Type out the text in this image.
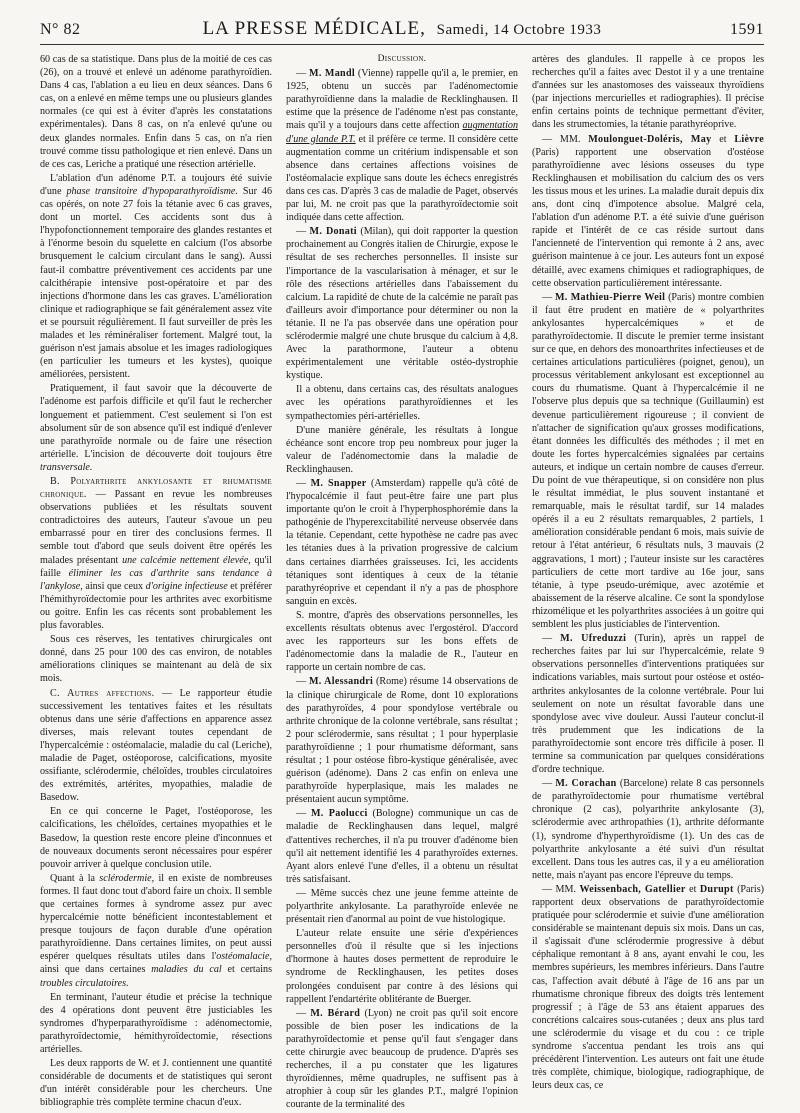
N° 82	LA PRESSE MÉDICALE, Samedi, 14 Octobre 1933	1591

60 cas de sa statistique. Dans plus de la moitié de ces cas (26), on a trouvé et enlevé un adénome parathyroïdien. Dans 4 cas, l'ablation a eu lieu en deux séances. Dans 6 cas, on a enlevé en même temps une ou plusieurs glandes normales (ce qui est à éviter d'après les constatations expérimentales). Dans 8 cas, on n'a enlevé qu'une ou deux glandes normales. Enfin dans 5 cas, on n'a rien trouvé comme tissu pathologique et rien enlevé. Dans un de ces cas, Leriche a pratiqué une résection artérielle.

L'ablation d'un adénome P.T. a toujours été suivie d'une phase transitoire d'hypoparathyroïdisme. Sur 46 cas opérés, on note 27 fois la tétanie avec 6 cas graves, dont un mortel. Ces accidents sont dus à l'hypofonctionnement temporaire des glandes restantes et à l'énorme besoin du squelette en calcium (l'os absorbe brusquement le calcium circulant dans le sang). Aussi faut-il combattre préventivement ces accidents par une calcithérapie intensive post-opératoire et par des injections d'hormone dans les cas graves. L'amélioration clinique et radiographique se fait généralement assez vite et se poursuit régulièrement. Il faut surveiller de près les malades et les réminéraliser fortement. Malgré tout, la guérison n'est jamais absolue et les images radiologiques (en particulier les tumeurs et les kystes), quoique améliorées, persistent.

Pratiquement, il faut savoir que la découverte de l'adénome est parfois difficile et qu'il faut le rechercher longuement et patiemment. C'est seulement si l'on est absolument sûr de son absence qu'il est indiqué d'enlever une parathyroïde normale ou de faire une résection artérielle. L'incision de découverte doit toujours être transversale.

B. Polyarthrite ankylosante et rhumatisme chronique. — Passant en revue les nombreuses observations publiées et les résultats souvent contradictoires des auteurs, l'auteur s'avoue un peu embarrassé pour en tirer des conclusions fermes. Il semble tout d'abord que seuls doivent être opérés les malades présentant une calcémie nettement élevée, qu'il faille éliminer les cas d'arthrite sans tendance à l'ankylose, ainsi que ceux d'origine infectieuse et préférer l'hémithyroïdectomie pour les arthrites avec exorbitisme ou goitre. Enfin les cas récents sont probablement les plus favorables.

Sous ces réserves, les tentatives chirurgicales ont donné, dans 25 pour 100 des cas environ, de notables améliorations cliniques se maintenant au delà de six mois.

C. Autres affections. — Le rapporteur étudie successivement les tentatives faites et les résultats obtenus dans une série d'affections en apparence assez diverses, mais relevant toutes cependant de l'hypercalcémie : ostéomalacie, maladie du cal (Leriche), maladie de Paget, ostéoporose, calcifications, myosite ossifiante, sclérodermie, chéloïdes, troubles circulatoires des extrémités, artérites, myopathies, maladie de Basedow.

En ce qui concerne le Paget, l'ostéoporose, les calcifications, les chéloïdes, certaines myopathies et le Basedow, la question reste encore pleine d'inconnues et de nouveaux documents seront nécessaires pour espérer pouvoir arriver à quelque conclusion utile.

Quant à la sclérodermie, il en existe de nombreuses formes. Il faut donc tout d'abord faire un choix. Il semble que certaines formes à syndrome assez pur avec hypercalcémie notte bénéficient incontestablement et presque toujours de façon durable d'une opération parathyroïdienne. Dans certaines limites, on peut aussi espérer quelques résultats utiles dans l'ostéomalacie, ainsi que dans certaines maladies du cal et certains troubles circulatoires.

En terminant, l'auteur étudie et précise la technique des 4 opérations dont peuvent être justiciables les syndromes d'hyperparathyroïdisme : adénomectomie, parathyroïdectomie, hémithyroïdectomie, résections artérielles.

Les deux rapports de W. et J. contiennent une quantité considérable de documents et de statistiques qui seront d'un intérêt considérable pour les chercheurs. Une bibliographie très complète termine chacun d'eux.

Discussion.

— M. Mandl (Vienne) rappelle qu'il a, le premier, en 1925, obtenu un succès par l'adénomectomie parathyroïdienne dans la maladie de Recklinghausen. Il estime que la présence de l'adénome n'est pas constante, mais qu'il y a toujours dans cette affection augmentation d'une glande P.T. et il préfère ce terme. Il considère cette augmentation comme un critérium indispensable et son absence dans certaines affections voisines de l'ostéomalacie explique sans doute les échecs enregistrés dans ces cas. D'après 3 cas de maladie de Paget, observés par lui, M. ne croit pas que la parathyroïdectomie soit indiquée dans cette affection.

— M. Donati (Milan), qui doit rapporter la question prochainement au Congrès italien de Chirurgie, expose le résultat de ses recherches personnelles. Il insiste sur l'importance de la vascularisation à ménager, et sur le rôle des résections artérielles dans l'abaissement du calcium. La rapidité de chute de la calcémie ne paraît pas d'ailleurs avoir d'importance pour déterminer ou non la tétanie. Il ne l'a pas observée dans une opération pour sclérodermie malgré une chute brusque du calcium à 4,8. Avec la parathormone, l'auteur a obtenu expérimentalement une véritable ostéo-dystrophie kystique.

Il a obtenu, dans certains cas, des résultats analogues avec les opérations parathyroïdiennes et les sympathectomies péri-artérielles.

D'une manière générale, les résultats à longue échéance sont encore trop peu nombreux pour juger la valeur de l'adénomectomie dans la maladie de Recklinghausen.

— M. Snapper (Amsterdam) rappelle qu'à côté de l'hypocalcémie il faut peut-être faire une part plus importante qu'on le croit à l'hyperphosphorémie dans la pathogénie de l'hyperexcitabilité nerveuse observée dans la tétanie. Cependant, cette hypothèse ne cadre pas avec les tétanies dues à la privation progressive de calcium dans certaines diarrhées graisseuses. Ici, les accidents tétaniques sont identiques à ceux de la tétanie parathyréoprive et cependant il n'y a pas de phosphore sanguin en excès.

S. montre, d'après des observations personnelles, les excellents résultats obtenus avec l'ergostérol. D'accord avec les rapporteurs sur les bons effets de l'adénomectomie dans la maladie de R., l'auteur en rapporte un certain nombre de cas.

— M. Alessandri (Rome) résume 14 observations de la clinique chirurgicale de Rome, dont 10 explorations des parathyroïdes, 4 pour spondylose vertébrale ou arthrite chronique de la colonne vertébrale, sans résultat ; 2 pour sclérodermie, sans résultat ; 1 pour hyperplasie parathyroïdienne ; 1 pour rhumatisme déformant, sans résultat ; 1 pour ostéose fibro-kystique généralisée, avec guérison (adénome). Dans 2 cas enfin on enleva une parathyroïde hyperplasique, mais les malades ne présentaient aucun symptôme.

— M. Paolucci (Bologne) communique un cas de maladie de Recklinghausen dans lequel, malgré d'attentives recherches, il n'a pu trouver d'adénome bien qu'il ait nettement identifié les 4 parathyroïdes externes. Ayant alors enlevé l'une d'elles, il a obtenu un résultat très satisfaisant.

— Même succès chez une jeune femme atteinte de polyarthrite ankylosante. La parathyroïde enlevée ne présentait rien d'anormal au point de vue histologique.

L'auteur relate ensuite une série d'expériences personnelles d'où il résulte que si les injections d'hormone à hautes doses permettent de reproduire le syndrome de Recklinghausen, les petites doses prolongées conduisent par contre à des lésions qui rappellent l'endartérite oblitérante de Buerger.

— M. Bérard (Lyon) ne croit pas qu'il soit encore possible de bien poser les indications de la parathyroïdectomie et pense qu'il faut s'engager dans cette chirurgie avec beaucoup de prudence. D'après ses recherches, il a pu constater que les ligatures thyroïdiennes, même quadruples, ne suffisent pas à atrophier à coup sûr les glandes P.T., malgré l'opinion courante de la terminalité des

artères des glandules. Il rappelle à ce propos les recherches qu'il a faites avec Destot il y a une trentaine d'années sur les anastomoses des vaisseaux thyroïdiens (par injections mercurielles et radiographies). Il précise enfin certains points de technique permettant d'éviter, dans les strumectomies, la tétanie parathyréoprive.

— MM. Moulonguet-Doléris, May et Lièvre (Paris) rapportent une observation d'ostéose parathyroïdienne avec lésions osseuses du type Recklinghausen et mobilisation du calcium des os vers les tissus mous et les urines. La maladie durait depuis dix ans, dont cinq d'impotence absolue. Malgré cela, l'ablation d'un adénome P.T. a été suivie d'une guérison rapide et l'intérêt de ce cas réside surtout dans l'ancienneté de l'intervention qui remonte à 2 ans, avec guérison maintenue à ce jour. Les auteurs font un exposé détaillé, avec examens chimiques et radiographiques, de cette observation particulièrement intéressante.

— M. Mathieu-Pierre Weil (Paris) montre combien il faut être prudent en matière de « polyarthrites ankylosantes hypercalcémiques » et de parathyroïdectomie. Il discute le premier terme insistant sur ce que, en dehors des monoarthrites infectieuses et de certaines articulations particulières (poignet, genou), un processus véritablement ankylosant est exceptionnel au cours du rhumatisme. Quant à l'hypercalcémie il ne l'observe plus depuis que sa technique (Guillaumin) est devenue particulièrement rigoureuse ; il convient de n'attacher de signification qu'aux grosses modifications, étant données les difficultés des méthodes ; il met en doute les fortes hypercalcémies signalées par certains auteurs, et indique un certain nombre de causes d'erreur. Du point de vue thérapeutique, si on considère non plus le résultat immédiat, le plus souvent instantané et remarquable, mais le résultat tardif, sur 14 malades opérés il a eu 2 résultats remarquables, 2 partiels, 1 amélioration considérable pendant 6 mois, mais suivie de retour à l'état antérieur, 6 résultats nuls, 3 mauvais (2 aggravations, 1 mort) ; l'auteur insiste sur les caractères particuliers de cette mort tardive au 16e jour, sans tétanie, à type pseudo-urémique, avec azotémie et abaissement de la réserve alcaline. Ce sont la spondylose rhizomélique et les polyarthrites associées à un goitre qui semblent les plus justiciables de l'intervention.

— M. Ufreduzzi (Turin), après un rappel de recherches faites par lui sur l'hypercalcémie, relate 9 observations personnelles d'interventions pratiquées sur indications variables, mais surtout pour ostéose et ostéo-arthrites ankylosantes de la colonne vertébrale. Pour lui seulement on note un résultat favorable dans une spondylose avec vive douleur. Aussi l'auteur conclut-il très prudemment que les indications de la parathyroïdectomie sont encore très difficile à poser. Il termine sa communication par quelques considérations d'ordre technique.

— M. Corachan (Barcelone) relate 8 cas personnels de parathyroïdectomie pour rhumatisme vertébral chronique (2 cas), polyarthrite ankylosante (3), sclérodermie avec arthropathies (1), arthrite déformante (1), syndrome d'hyperthyroïdisme (1). Un des cas de polyarthrite ankylosante a été suivi d'un résultat excellent. Dans tous les autres cas, il y a eu amélioration nette, mais n'ayant pas encore l'épreuve du temps.

— MM. Weissenbach, Gatellier et Durupt (Paris) rapportent deux observations de parathyroïdectomie pratiquée pour sclérodermie et suivie d'une amélioration considérable se maintenant depuis six mois. Dans un cas, il s'agissait d'une sclérodermie progressive à début céphalique remontant à 8 ans, ayant envahi le cou, les membres supérieurs, les membres inférieurs. Dans l'autre cas, l'affection avait débuté à l'âge de 16 ans par un rhumatisme chronique fibreux des doigts très lentement progressif ; à l'âge de 53 ans étaient apparues des concrétions calcaires sous-cutanées ; deux ans plus tard une sclérodermie du visage et du cou : ce triple syndrome s'accentua pendant les trois ans qui précédèrent l'intervention. Les auteurs ont fait une étude très complète, chimique, biologique, radiographique, de leurs deux cas, ce
